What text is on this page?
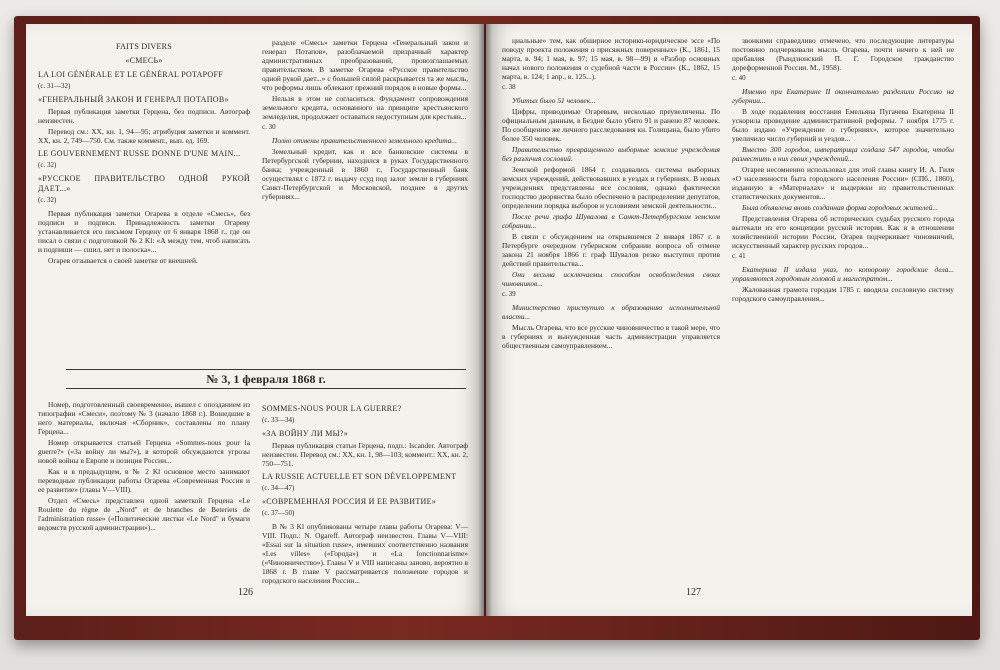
FAITS DIVERS

«СМЕСЬ»

LA LOI GÉNÉRALE ET LE GÉNÉRAL POTAPOFF

(с. 31—32)

«ГЕНЕРАЛЬНЫЙ ЗАКОН И ГЕНЕРАЛ ПОТАПОВ»

Первая публикация заметки Герцена, без подписи. Автограф неизвестен.

Перевод см.: XX, кн. 1, 94—95; атрибуция заметки и коммент. XX, кн. 2, 749—750. См. также коммент., вып. ед. 169.

LE GOUVERNEMENT RUSSE DONNE D'UNE MAIN...

(с. 32)

«РУССКОЕ ПРАВИТЕЛЬСТВО ОДНОЙ РУКОЙ ДАЕТ...»

(с. 32)

Первая публикация заметки Огарева в отделе «Смесь», без подписи и подписи. Принадлежность заметки Огареву устанавливается его письмом Герцену от 6 января 1868 г., где он писал о связи с подготовкой № 2 Kl: «А между тем, чтоб написать и подпиши — сшил, нет и полоска»...

Огарев отзывается о своей заметке от внешней.

разделе «Смесь» заметки Герцена «Генеральный закон и генерал Потапов», разоблачаемой призрачный характер административных преобразований, провозглашаемых правительством. В заметке Огарева «Русское правительство одной рукой дает...» с большей силой раскрывается та же мысль, что реформы лишь облекают прежний порядок в новые формы...

Нельзя в этом не согласиться. Фундамент сопровождения земельного кредита, основанного на принципе крестьянского земледелия, продолжает оставаться недоступным для крестьян...

с. 30

Полно отмены правительственного земельного кредита...

Земельный кредит, как и все банковские системы в Петербургской губернии, находился в руках Государственного банка; учрежденный в 1860 г., Государственный банк осуществлял с 1872 г. выдачу ссуд под залог земли в губерниях Санкт-Петербургской и Московской, позднее в других губерниях...

№ 3, 1 февраля 1868 г.

Номер, подготовленный своевременно, вышел с опозданием из типографии «Смеси», поэтому № 3 (начало 1868 г.). Вошедшие в него материалы, включая «Сборник», составлены по плану Герцена...

Номер открывается статьей Герцена «Sommes-nous pour la guerre?» («За войну ли мы?»), в которой обсуждаются угрозы новой войны в Европе и позиция России...

Как и в предыдущем, в № 2 Kl основное место занимают переводные публикации работы Огарева «Современная Россия и ее развитие» (главы V—VIII).

Отдел «Смесь» представлен одной заметкой Герцена «Le Roulette du règne de „Nord" et de branches de Beteriets de l'administration russe» («Политические листки «Le Nord" и бумаги ведомств русской администрации»)...

SOMMES-NOUS POUR LA GUERRE?

(с. 33—34)

«ЗА ВОЙНУ ЛИ МЫ?»

Первая публикация статьи Герцена, подп.: Iscander. Автограф неизвестен. Перевод см.: XX, кн. 1, 98—103; коммент.: XX, кн. 2, 750—751.

LA RUSSIE ACTUELLE ET SON DÉVELOPPEMENT

(с. 34—47)

«СОВРЕМЕННАЯ РОССИЯ И ЕЕ РАЗВИТИЕ»

(с. 37—50)

В № 3 Kl опубликованы четыре главы работы Огарева: V—VIII. Подп.: N. Ogareff. Автограф неизвестен. Главы V—VIII: «Essai sur la situation russe», имевших соответственно названия «Les villes» («Города») и «La fonctionnarisme» («Чиновничество»). Главы V и VIII написаны заново, вероятно в 1868 г. В главе V рассматривается положение городов и городского населения России...

126

циальные» тем, как обширное историко-юридическое эссе «По поводу проекта положения о присяжных поверенных» (К., 1861, 15 марта, в. 94; 1 мая, в. 97; 15 мая, в. 98—99) и «Разбор основных начал нового положения о судебной части в России» (К., 1862, 15 марта, в. 124; 1 апр., в. 125...).

с. 38

Убитых было 51 человек...

Цифры, приводимые Огаревым, несколько преувеличены. По официальным данным, в Бездне было убито 91 и ранено 87 человек. По сообщению же личного расследования кн. Голицына, было убито более 350 человек.

Правительство превращенного выборные земские учреждения без различия сословий.

Земской реформой 1864 г. создавались системы выборных земских учреждений, действовавших в уездах и губерниях. В новых учреждениях представлены все сословия, однако фактически господство дворянства было обеспечено в распределении депутатов, определении порядка выборов и условиями земской деятельности...

После речи графа Шувалова в Санкт-Петербургском земском собрании...

В связи с обсуждением на открывшемся 2 января 1867 г. в Петербурге очередном губернском собрании вопроса об отмене закона 21 ноября 1866 г. граф Шувалов резко выступил против действий правительства...

Они весьма исключаемы способом освобождения своих чиновников...

с. 39

Министерство приступило к образованию исполнительной власти...

Мысль Огарева, что все русские чиновничество в такой мере, что в губерниях и вынужденная часть администрации управляется общественным самоуправлением...

звонкими справедливо отмечено, что последующие литературы постоянно подчеркивали мысль Огарева, почти ничего к ней не прибавляя (Рындзюнский П. Г. Городское гражданство дореформенной России. М., 1958).

с. 40

Именно при Екатерине II окончательно разделили Россию на губернии...

В ходе подавления восстания Емельяна Пугачева Екатерина II ускорила проведение административной реформы. 7 ноября 1775 г. было издано «Учреждение о губерниях», которое значительно увеличило число губерний и уездов...

Вместо 300 городов, императрица создала 547 городов, чтобы разместить в них своих учреждений...

Огарев несомненно использовал для этой главы книгу И. А. Гиля «О населенности быта городского населения России» (СПб., 1860), изданную в «Материалах» и выдержки из правительственных статистических документов...

Была объявлена вновь созданная форма городовых жителей...

Представления Огарева об исторических судьбах русского города вытекали из его концепции русской истории. Как и в отношении хозяйственной истории России, Огарев подчеркивает чиновничий, искусственный характер русских городов...

с. 41

Екатерина II издала указ, по которому городские дела... управляются городовым головой и магистратом...

Жалованная грамота городам 1785 г. вводила сословную систему городского самоуправления...

127
